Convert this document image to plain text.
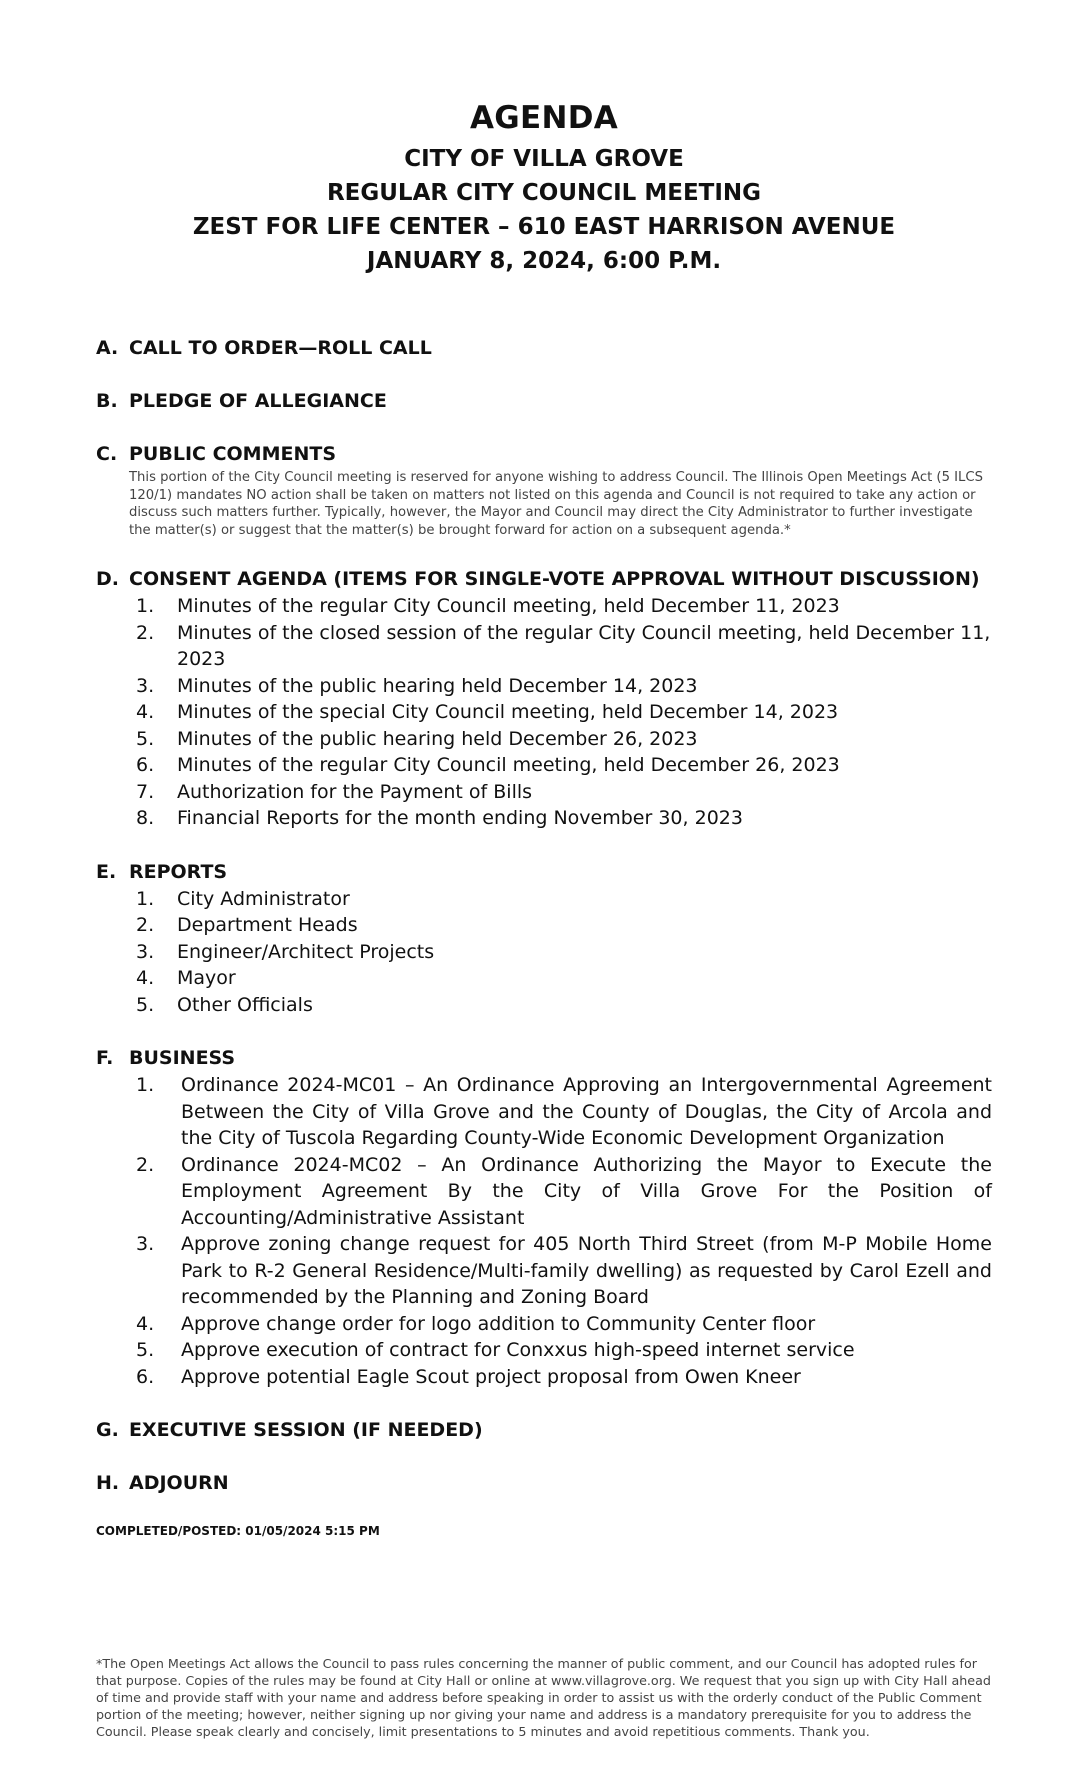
AGENDA
CITY OF VILLA GROVE
REGULAR CITY COUNCIL MEETING
ZEST FOR LIFE CENTER – 610 EAST HARRISON AVENUE
JANUARY 8, 2024, 6:00 P.M.
A. CALL TO ORDER—ROLL CALL
B. PLEDGE OF ALLEGIANCE
C. PUBLIC COMMENTS
This portion of the City Council meeting is reserved for anyone wishing to address Council. The Illinois Open Meetings Act (5 ILCS 120/1) mandates NO action shall be taken on matters not listed on this agenda and Council is not required to take any action or discuss such matters further. Typically, however, the Mayor and Council may direct the City Administrator to further investigate the matter(s) or suggest that the matter(s) be brought forward for action on a subsequent agenda.*
D. CONSENT AGENDA (ITEMS FOR SINGLE-VOTE APPROVAL WITHOUT DISCUSSION)
1.	Minutes of the regular City Council meeting, held December 11, 2023
2.	Minutes of the closed session of the regular City Council meeting, held December 11, 2023
3.	Minutes of the public hearing held December 14, 2023
4.	Minutes of the special City Council meeting, held December 14, 2023
5.	Minutes of the public hearing held December 26, 2023
6.	Minutes of the regular City Council meeting, held December 26, 2023
7.	Authorization for the Payment of Bills
8.	Financial Reports for the month ending November 30, 2023
E. REPORTS
1.	City Administrator
2.	Department Heads
3.	Engineer/Architect Projects
4.	Mayor
5.	Other Officials
F. BUSINESS
1.	Ordinance 2024-MC01 – An Ordinance Approving an Intergovernmental Agreement Between the City of Villa Grove and the County of Douglas, the City of Arcola and the City of Tuscola Regarding County-Wide Economic Development Organization
2.	Ordinance 2024-MC02 – An Ordinance Authorizing the Mayor to Execute the Employment Agreement By the City of Villa Grove For the Position of Accounting/Administrative Assistant
3.	Approve zoning change request for 405 North Third Street (from M-P Mobile Home Park to R-2 General Residence/Multi-family dwelling) as requested by Carol Ezell and recommended by the Planning and Zoning Board
4.	Approve change order for logo addition to Community Center floor
5.	Approve execution of contract for Conxxus high-speed internet service
6.	Approve potential Eagle Scout project proposal from Owen Kneer
G. EXECUTIVE SESSION (IF NEEDED)
H. ADJOURN
COMPLETED/POSTED: 01/05/2024 5:15 PM
*The Open Meetings Act allows the Council to pass rules concerning the manner of public comment, and our Council has adopted rules for that purpose. Copies of the rules may be found at City Hall or online at www.villagrove.org. We request that you sign up with City Hall ahead of time and provide staff with your name and address before speaking in order to assist us with the orderly conduct of the Public Comment portion of the meeting; however, neither signing up nor giving your name and address is a mandatory prerequisite for you to address the Council. Please speak clearly and concisely, limit presentations to 5 minutes and avoid repetitious comments. Thank you.
